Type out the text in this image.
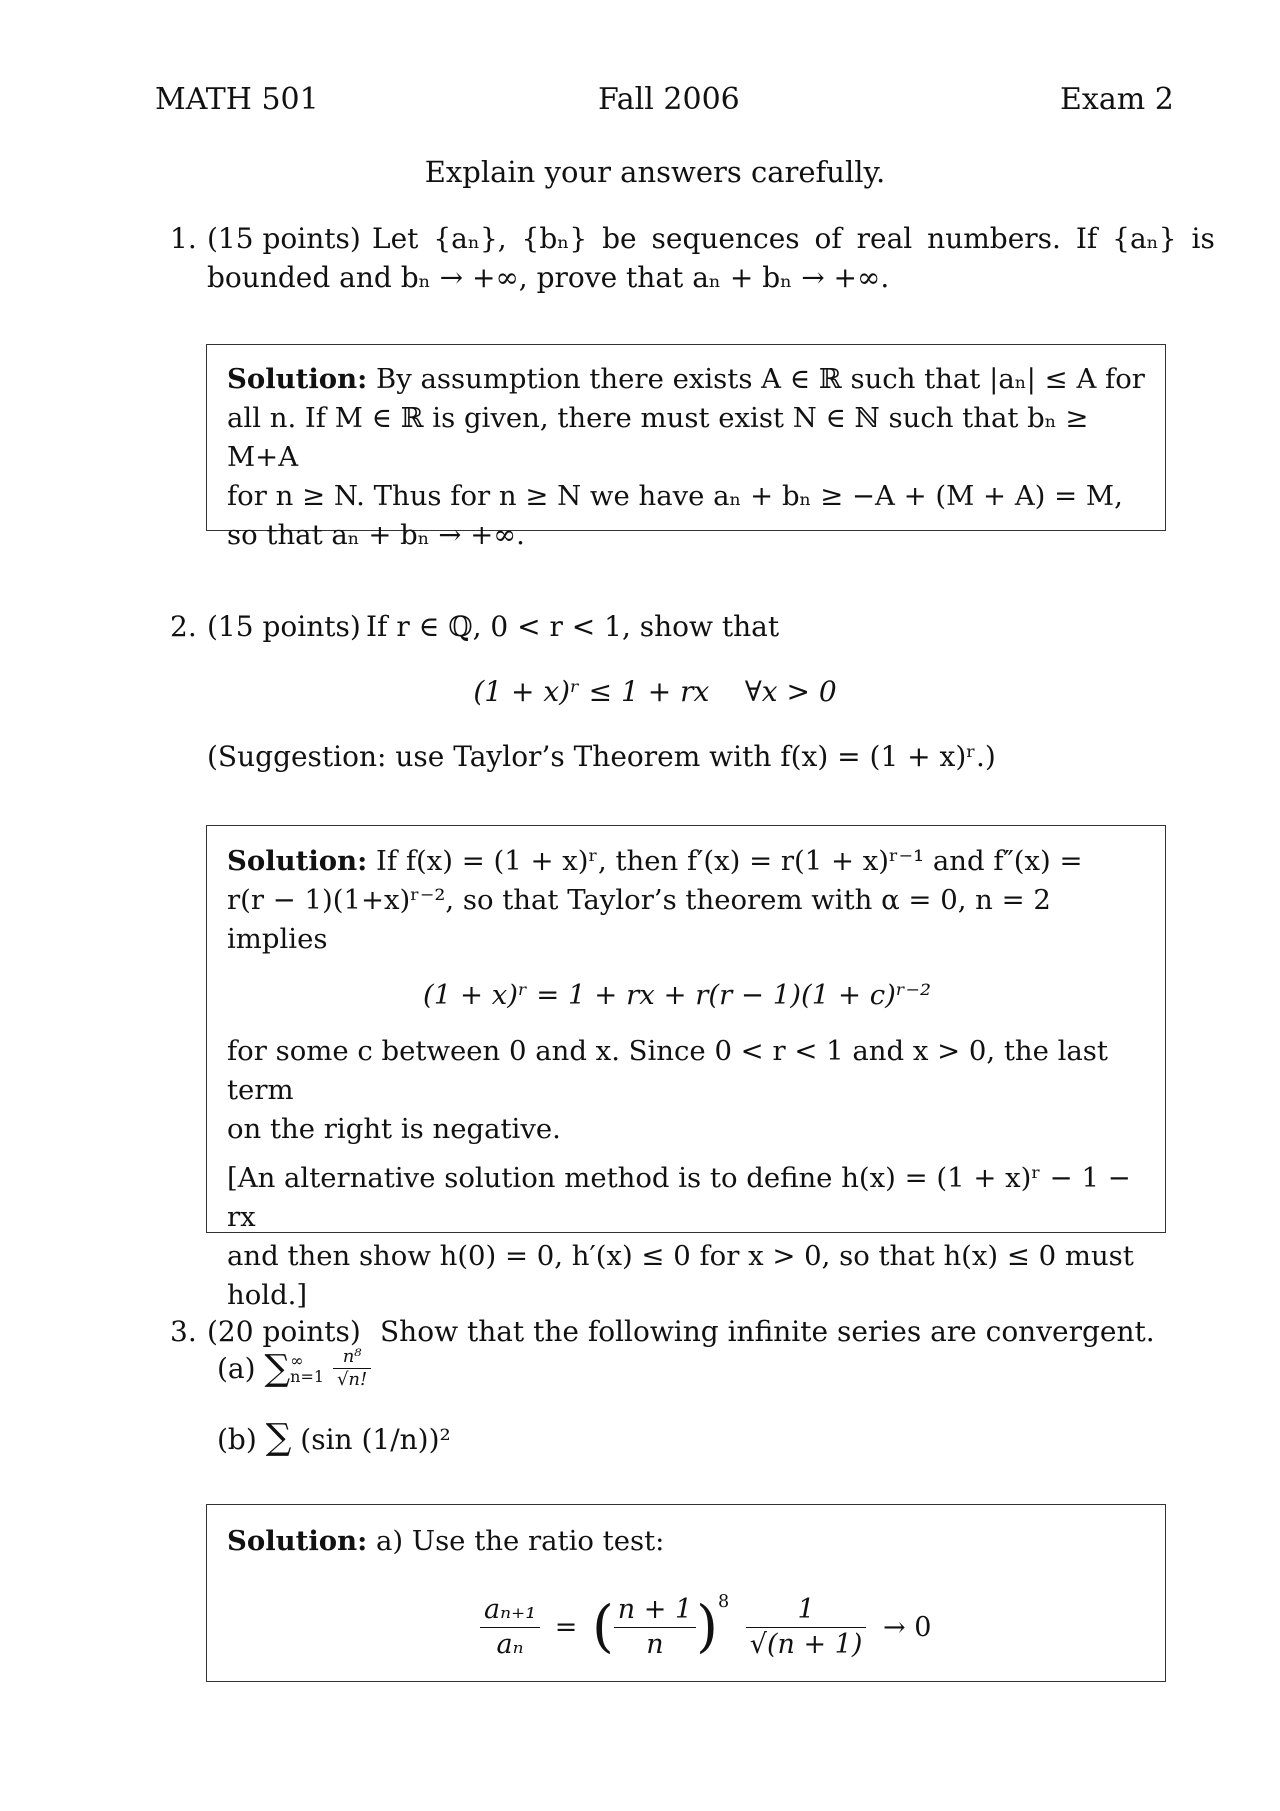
MATH 501	Fall 2006	Exam 2
Explain your answers carefully.
1. (15 points) Let {aₙ}, {bₙ} be sequences of real numbers. If {aₙ} is
bounded and bₙ → +∞, prove that aₙ + bₙ → +∞.
Solution: By assumption there exists A ∈ ℝ such that |aₙ| ≤ A for
all n. If M ∈ ℝ is given, there must exist N ∈ ℕ such that bₙ ≥ M+A
for n ≥ N. Thus for n ≥ N we have aₙ + bₙ ≥ −A + (M + A) = M,
so that aₙ + bₙ → +∞.
2. (15 points) If r ∈ ℚ, 0 < r < 1, show that
(1 + x)ʳ ≤ 1 + rx    ∀x > 0
(Suggestion: use Taylor’s Theorem with f(x) = (1 + x)ʳ.)
Solution: If f(x) = (1 + x)ʳ, then f′(x) = r(1 + x)ʳ⁻¹ and f″(x) =
r(r − 1)(1+x)ʳ⁻², so that Taylor’s theorem with α = 0, n = 2 implies
(1 + x)ʳ = 1 + rx + r(r − 1)(1 + c)ʳ⁻²
for some c between 0 and x. Since 0 < r < 1 and x > 0, the last term
on the right is negative.
[An alternative solution method is to define h(x) = (1 + x)ʳ − 1 − rx
and then show h(0) = 0, h′(x) ≤ 0 for x > 0, so that h(x) ≤ 0 must
hold.]
3. (20 points) Show that the following infinite series are convergent.
(a) ∑ ∞
n=1
$\frac{\text{n⁸}}{√n!}$
(b) ∑ (sin (1/n))²
Solution: a) Use the ratio test:
$\frac{\text{aₙ₊₁}}{\text{aₙ}}$ = ( $\frac{n + 1}{n} )^8 \frac{1}{√(n + 1)} \to 0$
